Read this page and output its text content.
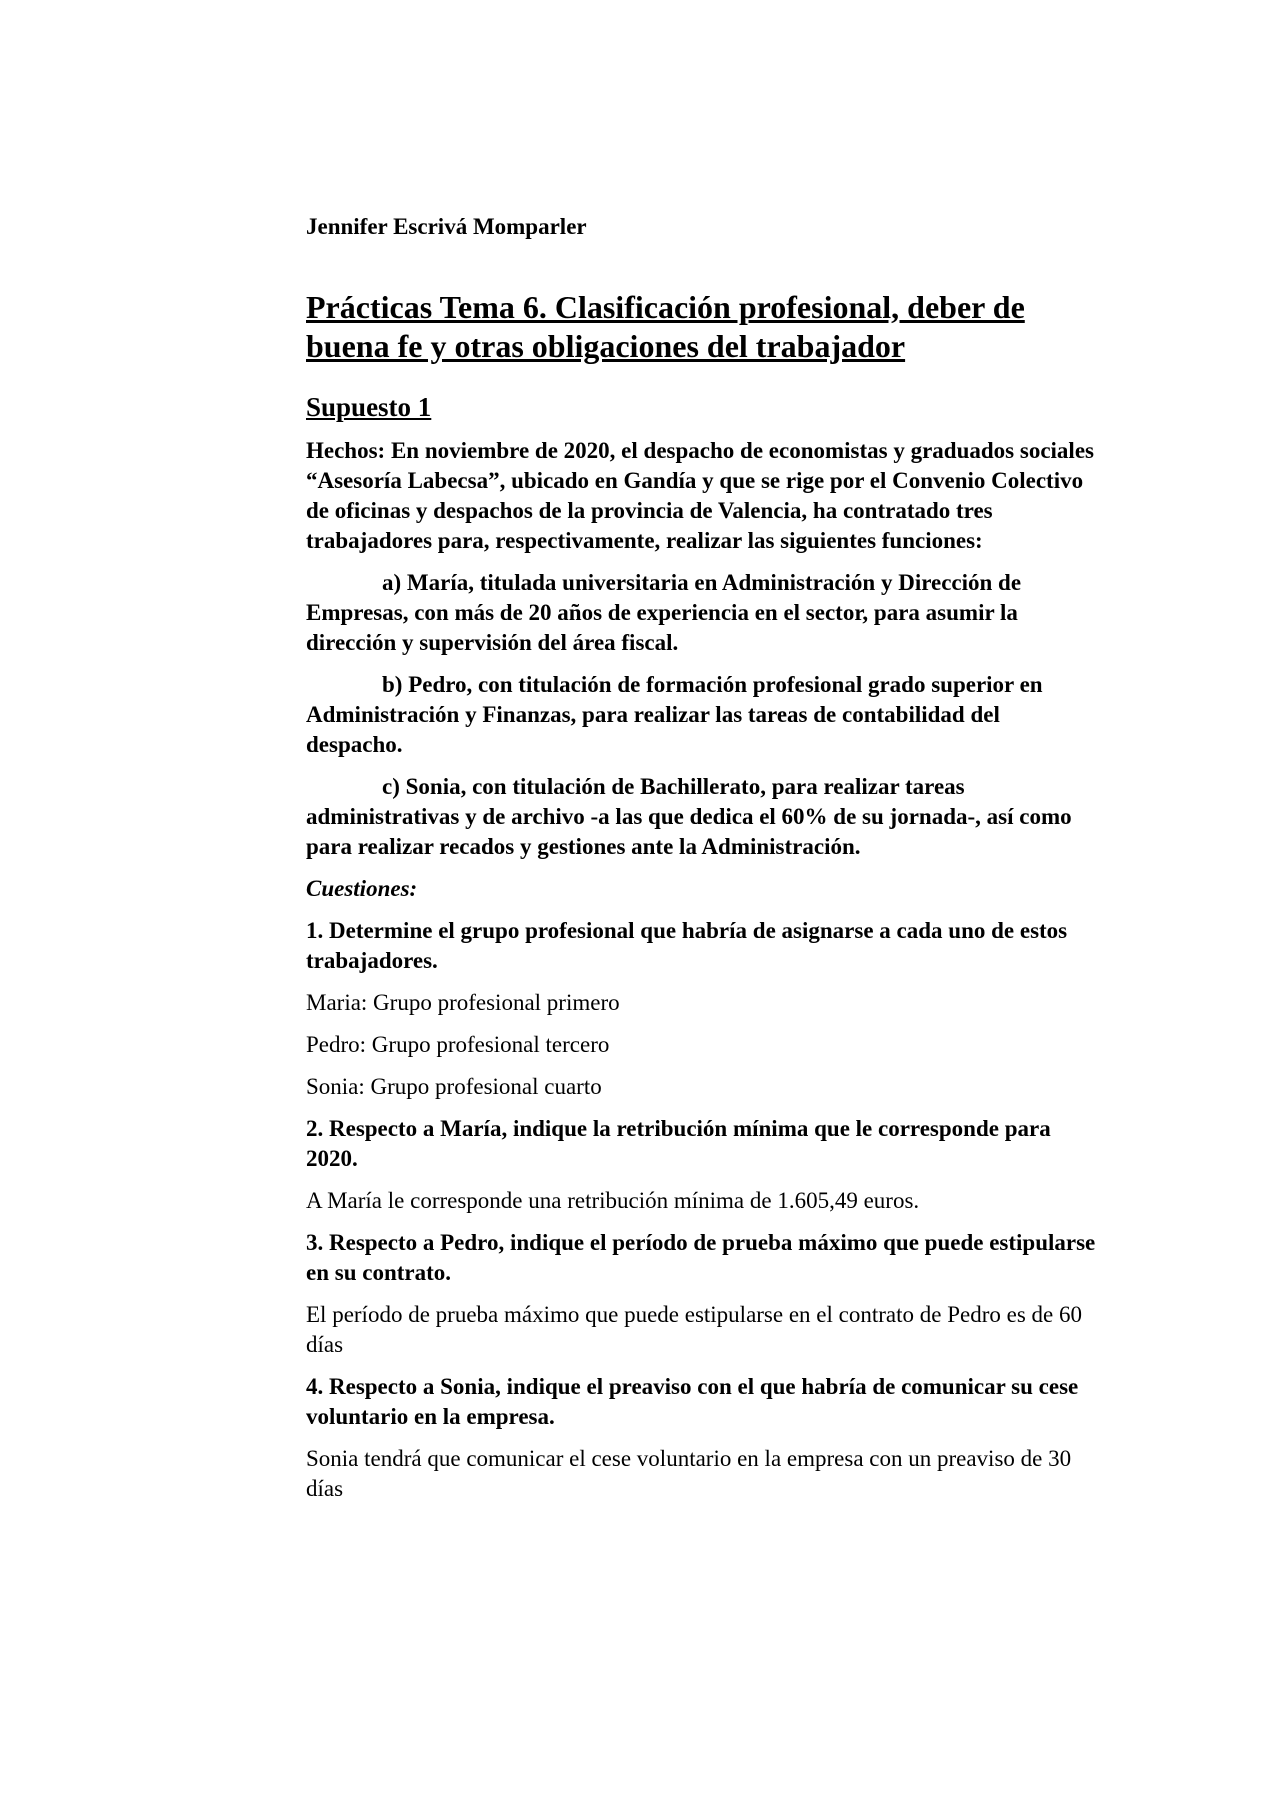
Jennifer Escrivá Momparler

Prácticas Tema 6. Clasificación profesional, deber de buena fe y otras obligaciones del trabajador
Supuesto 1

Hechos: En noviembre de 2020, el despacho de economistas y graduados sociales “Asesoría Labecsa”, ubicado en Gandía y que se rige por el Convenio Colectivo de oficinas y despachos de la provincia de Valencia, ha contratado tres trabajadores para, respectivamente, realizar las siguientes funciones:

a) María, titulada universitaria en Administración y Dirección de Empresas, con más de 20 años de experiencia en el sector, para asumir la dirección y supervisión del área fiscal.

b) Pedro, con titulación de formación profesional grado superior en Administración y Finanzas, para realizar las tareas de contabilidad del despacho.

c) Sonia, con titulación de Bachillerato, para realizar tareas administrativas y de archivo -a las que dedica el 60% de su jornada-, así como para realizar recados y gestiones ante la Administración.

Cuestiones:

1. Determine el grupo profesional que habría de asignarse a cada uno de estos trabajadores.

Maria: Grupo profesional primero

Pedro: Grupo profesional tercero

Sonia: Grupo profesional cuarto

2. Respecto a María, indique la retribución mínima que le corresponde para 2020.

A María le corresponde una retribución mínima de 1.605,49 euros.

3. Respecto a Pedro, indique el período de prueba máximo que puede estipularse en su contrato.

El período de prueba máximo que puede estipularse en el contrato de Pedro es de 60 días

4. Respecto a Sonia, indique el preaviso con el que habría de comunicar su cese voluntario en la empresa.

Sonia tendrá que comunicar el cese voluntario en la empresa con un preaviso de 30 días
